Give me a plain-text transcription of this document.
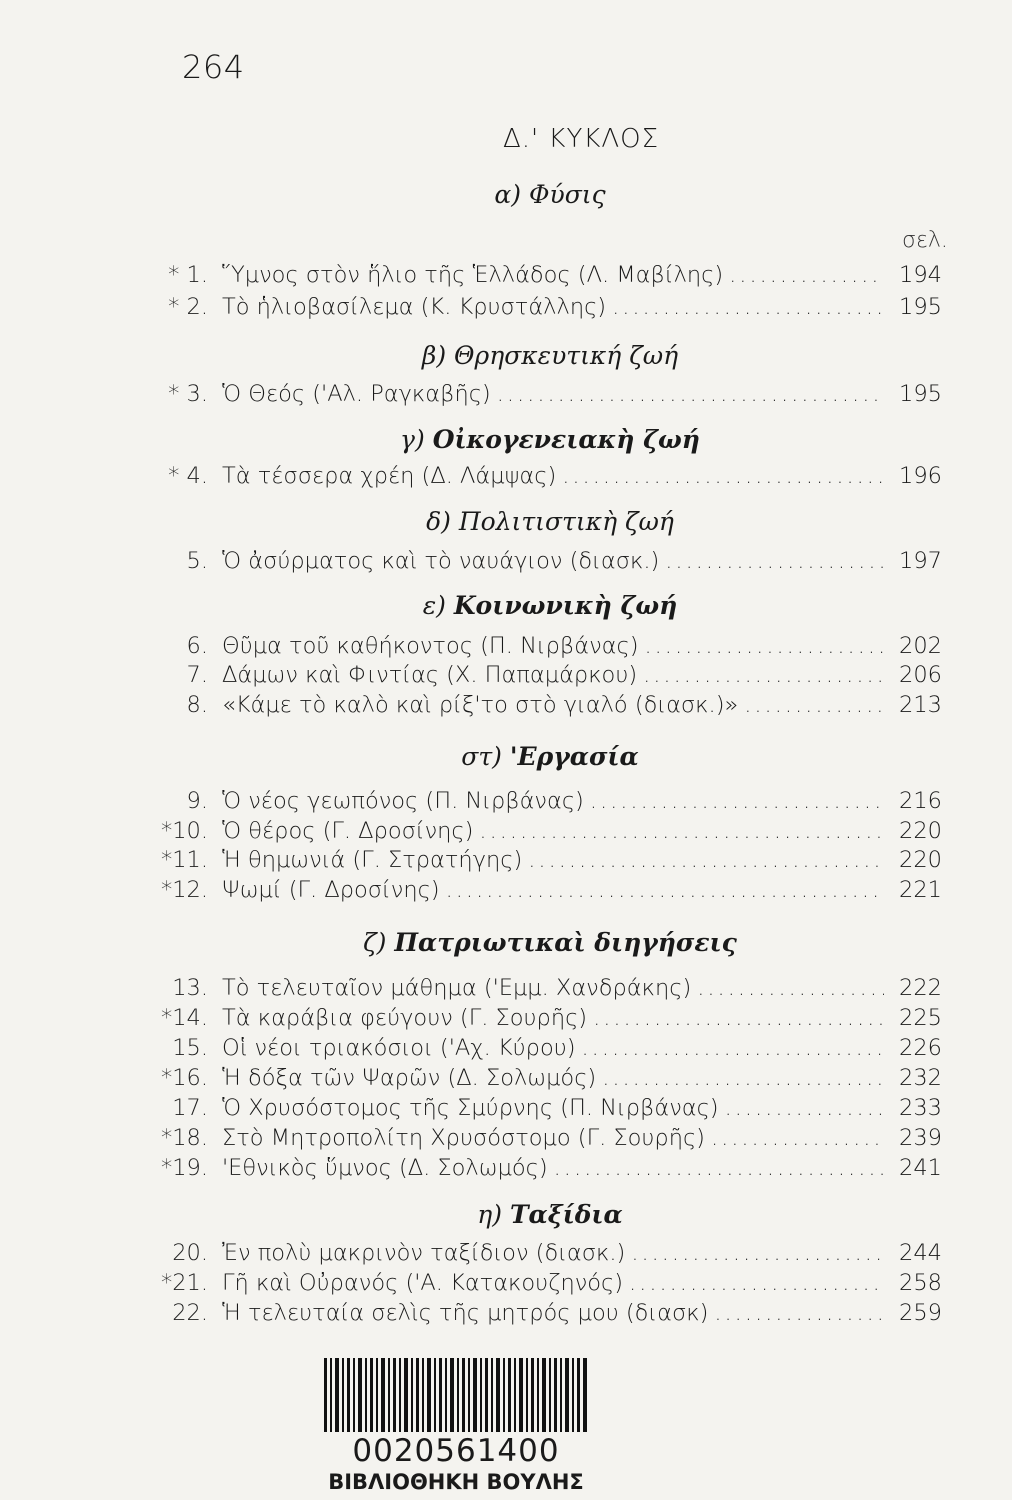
264
Δ.' ΚΥΚΛΟΣ
σελ.
α) Φύσις
β) Θρησκευτική ζωή
γ) Οἰκογενειακὴ ζωή
δ) Πολιτιστικὴ ζωή
ε) Κοινωνικὴ ζωή
στ) 'Εργασία
ζ) Πατριωτικαὶ διηγήσεις
η) Ταξίδια
* 1. Ὕμνος στὸν ἥλιο τῆς Ἑλλάδος (Λ. Μαβίλης) .....	194
* 2. Τὸ ἡλιοβασίλεμα (Κ. Κρυστάλλης) .....	195
* 3. Ὁ Θεός ('Αλ. Ραγκαβῆς) .....	195
* 4. Τὰ τέσσερα χρέη (Δ. Λάμψας) .....	196
5. Ὁ ἀσύρματος καὶ τὸ ναυάγιον (διασκ.) .....	197
6. Θῦμα τοῦ καθήκοντος (Π. Νιρβάνας) .....	202
7. Δάμων καὶ Φιντίας (Χ. Παπαμάρκου) .....	206
8. «Κάμε τὸ καλὸ καὶ ρίξ'το στὸ γιαλό (διασκ.)» .....	213
9. Ὁ νέος γεωπόνος (Π. Νιρβάνας) .....	216
*10. Ὁ θέρος (Γ. Δροσίνης) .....	220
*11. Ἡ θημωνιά (Γ. Στρατήγης) .....	220
*12. Ψωμί (Γ. Δροσίνης) .....	221
13. Τὸ τελευταῖον μάθημα ('Εμμ. Χανδράκης) .....	222
*14. Τὰ καράβια φεύγουν (Γ. Σουρῆς) .....	225
15. Οἱ νέοι τριακόσιοι ('Αχ. Κύρου) .....	226
*16. Ἡ δόξα τῶν Ψαρῶν (Δ. Σολωμός) .....	232
17. Ὁ Χρυσόστομος τῆς Σμύρνης (Π. Νιρβάνας) .....	233
*18. Στὸ Μητροπολίτη Χρυσόστομο (Γ. Σουρῆς) .....	239
*19. 'Εθνικὸς ὕμνος (Δ. Σολωμός) .....	241
20. Ἐν πολὺ μακρινὸν ταξίδιον (διασκ.) .....	244
*21. Γῆ καὶ Οὐρανός ('Α. Κατακουζηνός) .....	258
22. Ἡ τελευταία σελὶς τῆς μητρός μου (διασκ) .....	259
0020561400
ΒΙΒΛΙΟΘΗΚΗ ΒΟΥΛΗΣ
